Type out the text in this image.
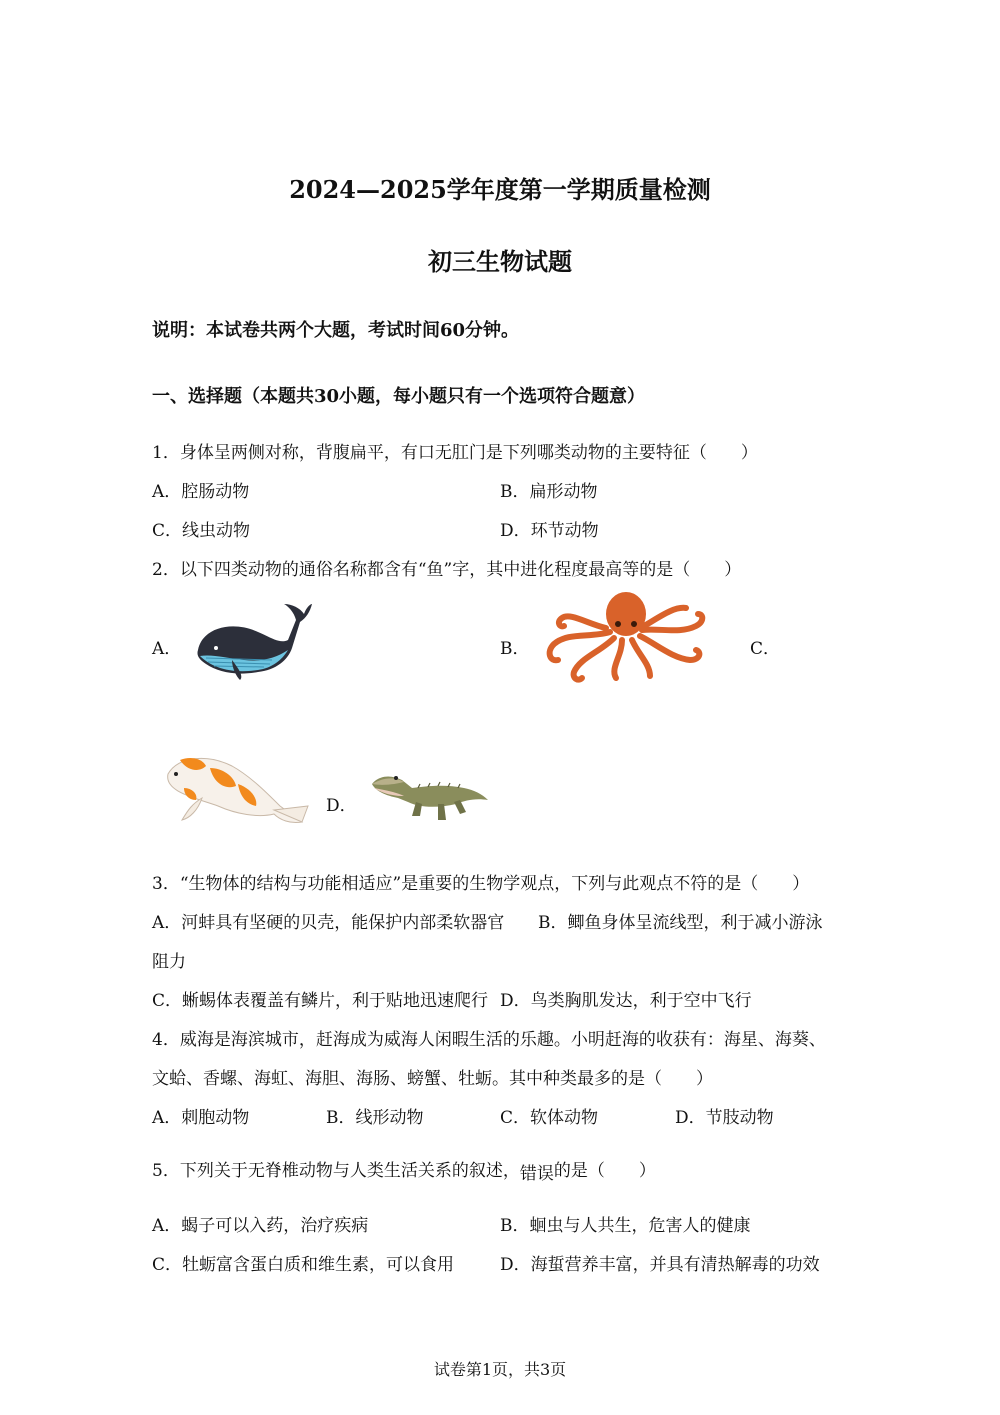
2024—2025学年度第一学期质量检测
初三生物试题
说明：本试卷共两个大题，考试时间60分钟。
一、选择题（本题共30小题，每小题只有一个选项符合题意）
1．身体呈两侧对称，背腹扁平，有口无肛门是下列哪类动物的主要特征（　　）
A．腔肠动物	B．扁形动物
C．线虫动物	D．环节动物
2．以下四类动物的通俗名称都含有“鱼”字，其中进化程度最高等的是（　　）
A．	B．	C．
D．
3．“生物体的结构与功能相适应”是重要的生物学观点，下列与此观点不符的是（　　）
A．河蚌具有坚硬的贝壳，能保护内部柔软器官 B．鲫鱼身体呈流线型，利于减小游泳
阻力
C．蜥蜴体表覆盖有鳞片，利于贴地迅速爬行 D．鸟类胸肌发达，利于空中飞行
4．威海是海滨城市，赶海成为威海人闲暇生活的乐趣。小明赶海的收获有：海星、海葵、
文蛤、香螺、海虹、海胆、海肠、螃蟹、牡蛎。其中种类最多的是（　　）
A．刺胞动物	B．线形动物	C．软体动物	D．节肢动物
5．下列关于无脊椎动物与人类生活关系的叙述，错误的是（　　）
A．蝎子可以入药，治疗疾病	B．蛔虫与人共生，危害人的健康
C．牡蛎富含蛋白质和维生素，可以食用	D．海蜇营养丰富，并具有清热解毒的功效
试卷第1页，共3页
